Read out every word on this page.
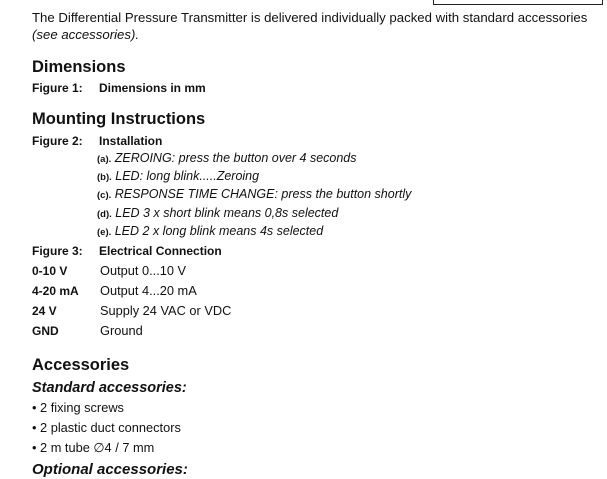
The Differential Pressure Transmitter is delivered individually packed with standard accessories
(see accessories).
Dimensions
Figure 1: Dimensions in mm
Mounting Instructions
Figure 2: Installation
(a). ZEROING: press the button over 4 seconds
(b). LED: long blink.....Zeroing
(c). RESPONSE TIME CHANGE: press the button shortly
(d). LED 3 x short blink means 0,8s selected
(e). LED 2 x long blink means 4s selected
Figure 3: Electrical Connection
0-10 V	Output 0...10 V
4-20 mA Output 4...20 mA
24 V	Supply 24 VAC or VDC
GND	Ground
Accessories
Standard accessories:
• 2 fixing screws
• 2 plastic duct connectors
• 2 m tube ∅4 / 7 mm
Optional accessories:
